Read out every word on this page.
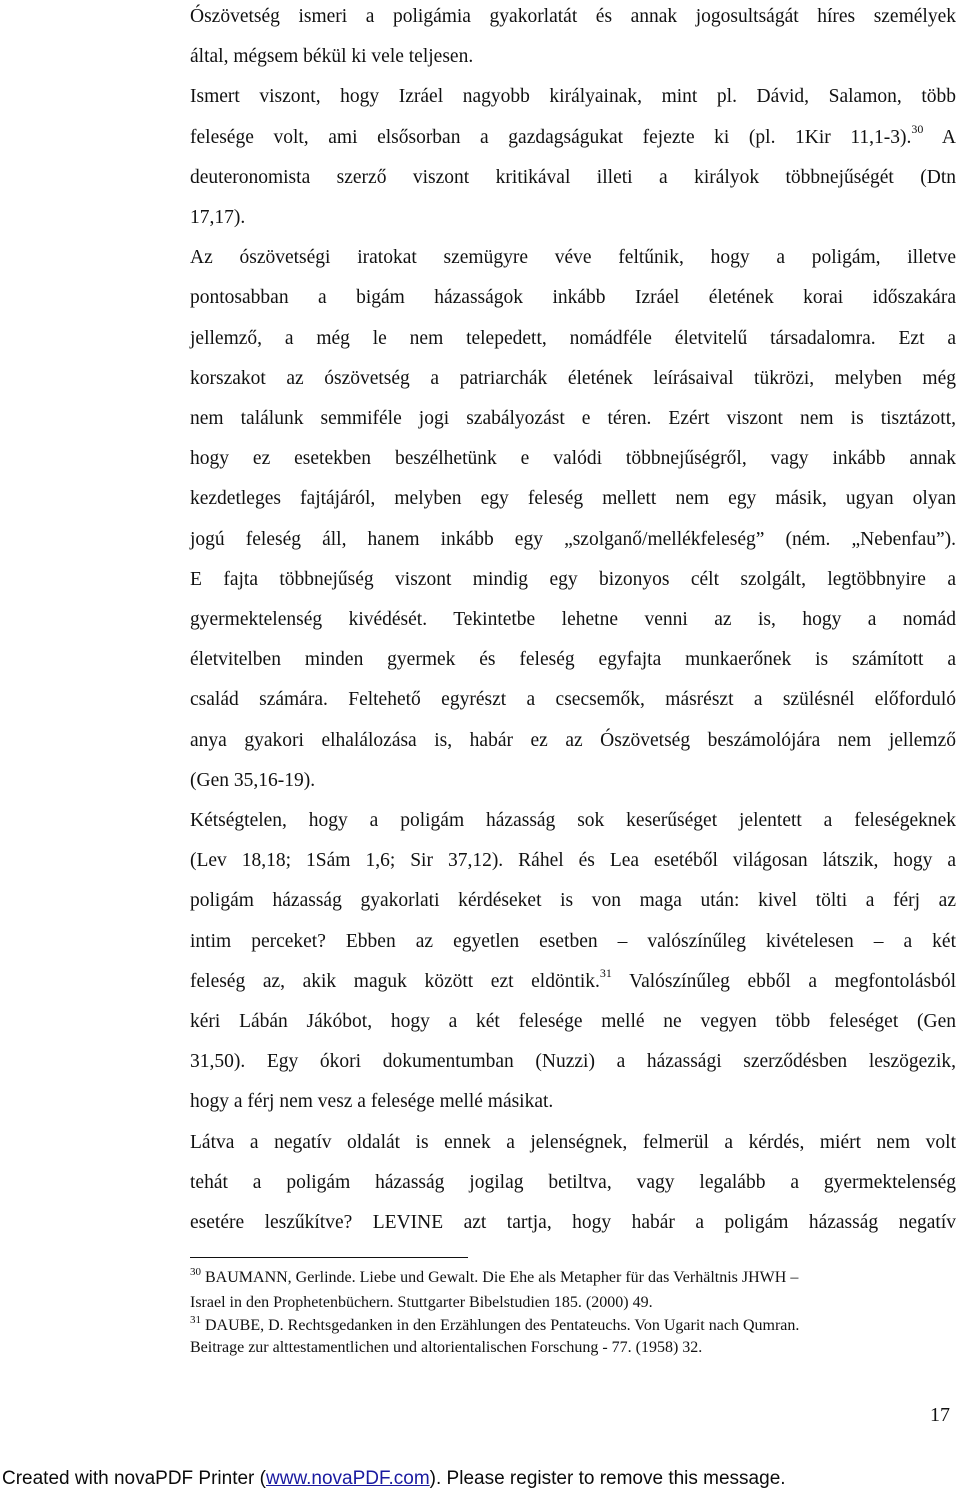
Ószövetség ismeri a poligámia gyakorlatát és annak jogosultságát híres személyek
által, mégsem békül ki vele teljesen.
Ismert viszont, hogy Izráel nagyobb királyainak, mint pl. Dávid, Salamon, több
felesége volt, ami elsősorban a gazdagságukat fejezte ki (pl. 1Kir 11,1-3).$^{30}$ A
deuteronomista szerző viszont kritikával illeti a királyok többnejűségét (Dtn
17,17).
Az ószövetségi iratokat szemügyre véve feltűnik, hogy a poligám, illetve
pontosabban a bigám házasságok inkább Izráel életének korai időszakára
jellemző, a még le nem telepedett, nomádféle életvitelű társadalomra. Ezt a
korszakot az ószövetség a patriarchák életének leírásaival tükrözi, melyben még
nem találunk semmiféle jogi szabályozást e téren. Ezért viszont nem is tisztázott,
hogy ez esetekben beszélhetünk e valódi többnejűségről, vagy inkább annak
kezdetleges fajtájáról, melyben egy feleség mellett nem egy másik, ugyan olyan
jogú feleség áll, hanem inkább egy „szolganő/mellékfeleség” (ném. „Nebenfau”).
E fajta többnejűség viszont mindig egy bizonyos célt szolgált, legtöbbnyire a
gyermektelenség kivédését. Tekintetbe lehetne venni az is, hogy a nomád
életvitelben minden gyermek és feleség egyfajta munkaerőnek is számított a
család számára. Feltehető egyrészt a csecsemők, másrészt a szülésnél előforduló
anya gyakori elhalálozása is, habár ez az Ószövetség beszámolójára nem jellemző
(Gen 35,16-19).
Kétségtelen, hogy a poligám házasság sok keserűséget jelentett a feleségeknek
(Lev 18,18; 1Sám 1,6; Sir 37,12). Ráhel és Lea esetéből világosan látszik, hogy a
poligám házasság gyakorlati kérdéseket is von maga után: kivel tölti a férj az
intim perceket? Ebben az egyetlen esetben – valószínűleg kivételesen – a két
feleség az, akik maguk között ezt eldöntik.$^{31}$ Valószínűleg ebből a megfontolásból
kéri Lábán Jákóbot, hogy a két felesége mellé ne vegyen több feleséget (Gen
31,50). Egy ókori dokumentumban (Nuzzi) a házassági szerződésben leszögezik,
hogy a férj nem vesz a felesége mellé másikat.
Látva a negatív oldalát is ennek a jelenségnek, felmerül a kérdés, miért nem volt
tehát a poligám házasság jogilag betiltva, vagy legalább a gyermektelenség
esetére leszűkítve? LEVINE azt tartja, hogy habár a poligám házasság negatív
$^{30}$ BAUMANN, Gerlinde. Liebe und Gewalt. Die Ehe als Metapher für das Verhältnis JHWH –
Israel in den Prophetenbüchern. Stuttgarter Bibelstudien 185. (2000) 49.
$^{31}$ DAUBE, D. Rechtsgedanken in den Erzählungen des Pentateuchs. Von Ugarit nach Qumran.
Beitrage zur alttestamentlichen und altorientalischen Forschung - 77. (1958) 32.
17
Created with novaPDF Printer (www.novaPDF.com). Please register to remove this message.
